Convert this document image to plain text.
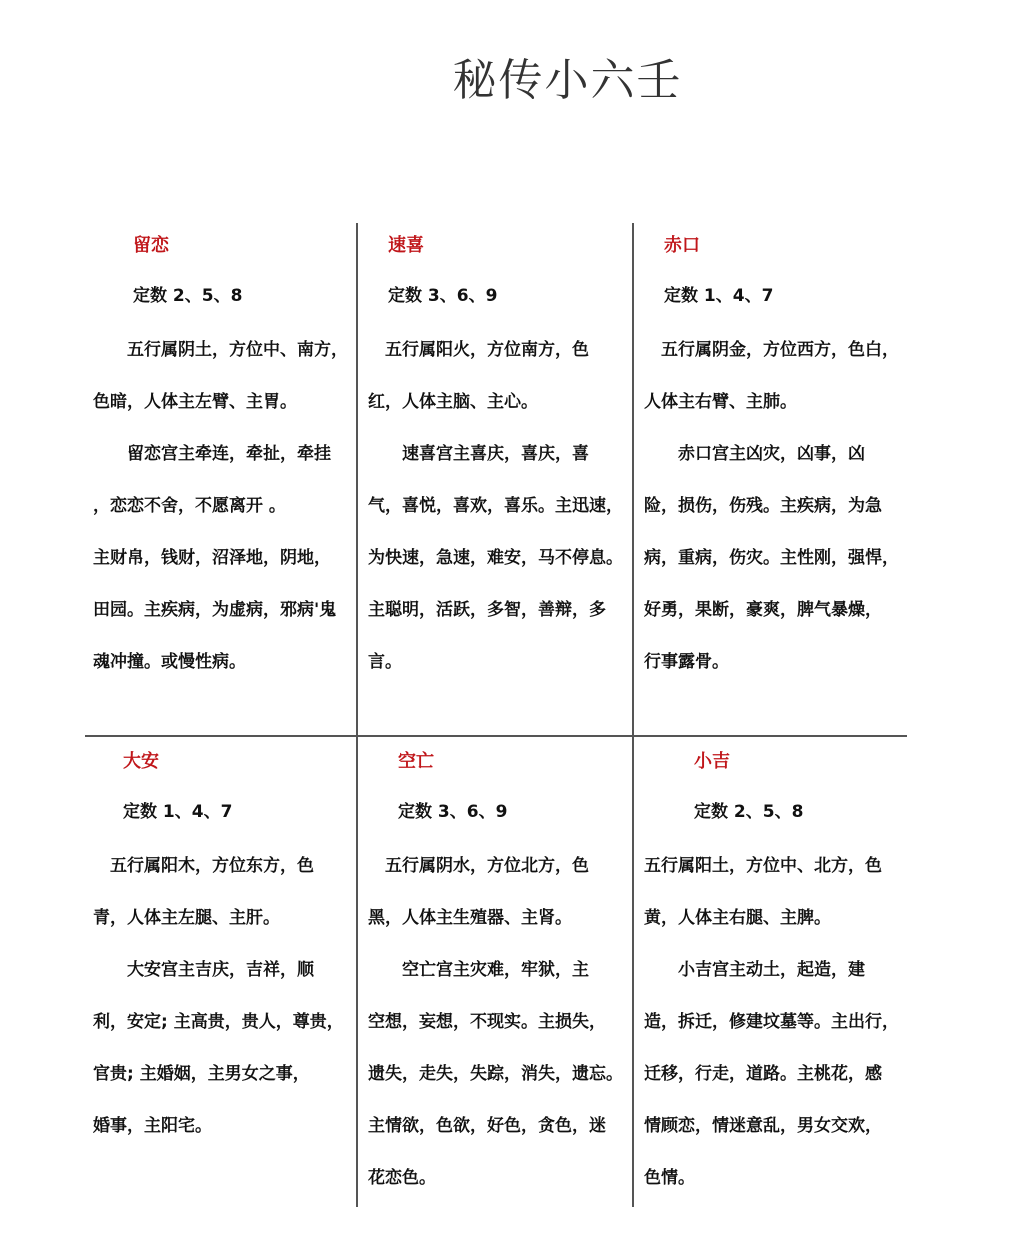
秘传小六壬
留恋
定数 2、5、8
　　五行属阴土，方位中、南方，
色暗，人体主左臂、主胃。
　　留恋宫主牵连，牵扯，牵挂
，恋恋不舍，不愿离开 。
主财帛，钱财，沼泽地，阴地，
田园。主疾病，为虚病，邪病'鬼
魂冲撞。或慢性病。
速喜
定数 3、6、9
　五行属阳火，方位南方，色
红，人体主脑、主心。
　　速喜宫主喜庆，喜庆，喜
气，喜悦，喜欢，喜乐。主迅速，
为快速，急速，难安，马不停息。
主聪明，活跃，多智，善辩，多
言。
赤口
定数 1、4、7
　五行属阴金，方位西方，色白，
人体主右臂、主肺。
　　赤口宫主凶灾，凶事，凶
险，损伤，伤残。主疾病，为急
病，重病，伤灾。主性刚，强悍，
好勇，果断，豪爽，脾气暴燥，
行事露骨。
大安
定数 1、4、7
　五行属阳木，方位东方，色
青，人体主左腿、主肝。
　　大安宫主吉庆，吉祥，顺
利，安定; 主高贵，贵人，尊贵，
官贵; 主婚姻，主男女之事，
婚事，主阳宅。
空亡
定数 3、6、9
　五行属阴水，方位北方，色
黑，人体主生殖器、主肾。
　　空亡宫主灾难，牢狱，主
空想，妄想，不现实。主损失，
遗失，走失，失踪，消失，遗忘。
主情欲，色欲，好色，贪色，迷
花恋色。
小吉
定数 2、5、8
五行属阳土，方位中、北方，色
黄，人体主右腿、主脾。
　　小吉宫主动土，起造，建
造，拆迁，修建坟墓等。主出行，
迁移，行走，道路。主桃花，感
情顾恋，情迷意乱，男女交欢，
色情。
